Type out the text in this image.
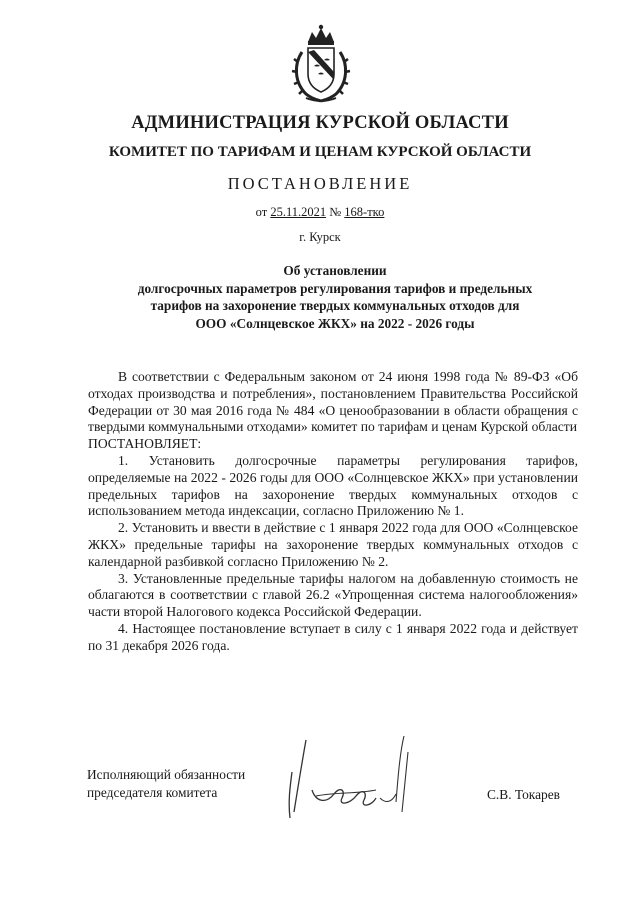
АДМИНИСТРАЦИЯ КУРСКОЙ ОБЛАСТИ
КОМИТЕТ ПО ТАРИФАМ И ЦЕНАМ КУРСКОЙ ОБЛАСТИ
ПОСТАНОВЛЕНИЕ
от 25.11.2021 № 168-тко
г. Курск
Об установлении
долгосрочных параметров регулирования тарифов и предельных
тарифов на захоронение твердых коммунальных отходов для
ООО «Солнцевское ЖКХ» на 2022 - 2026 годы

В соответствии с Федеральным законом от 24 июня 1998 года № 89-ФЗ «Об отходах производства и потребления», постановлением Правительства Российской Федерации от 30 мая 2016 года № 484 «О ценообразовании в области обращения с твердыми коммунальными отходами» комитет по тарифам и ценам Курской области

ПОСТАНОВЛЯЕТ:

1. Установить долгосрочные параметры регулирования тарифов, определяемые на 2022 - 2026 годы для ООО «Солнцевское ЖКХ» при установлении предельных тарифов на захоронение твердых коммунальных отходов с использованием метода индексации, согласно Приложению № 1.

2. Установить и ввести в действие с 1 января 2022 года для ООО «Солнцевское ЖКХ» предельные тарифы на захоронение твердых коммунальных отходов с календарной разбивкой согласно Приложению № 2.

3. Установленные предельные тарифы налогом на добавленную стоимость не облагаются в соответствии с главой 26.2 «Упрощенная система налогообложения» части второй Налогового кодекса Российской Федерации.

4. Настоящее постановление вступает в силу с 1 января 2022 года и действует по 31 декабря 2026 года.

Исполняющий обязанности
председателя комитета	С.В. Токарев
